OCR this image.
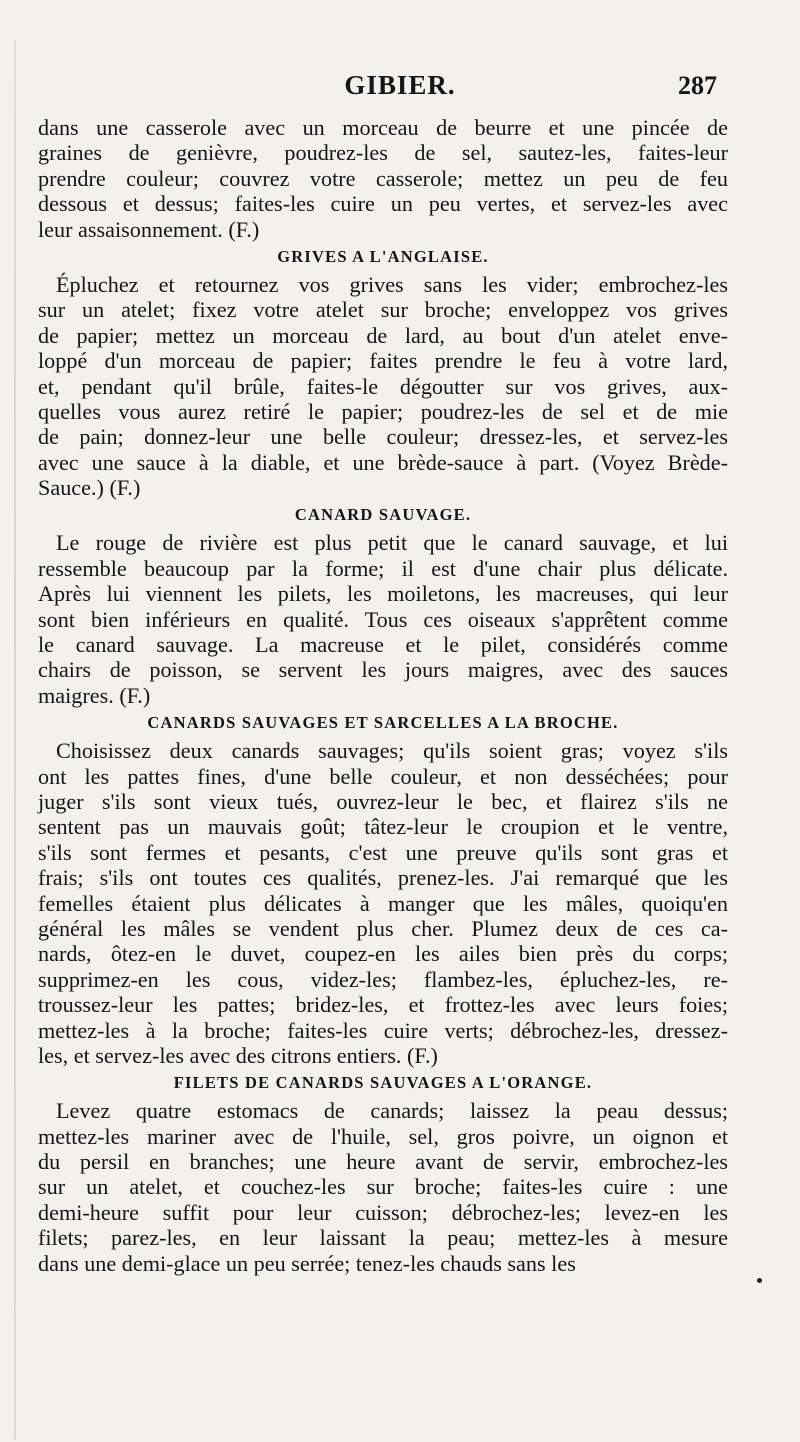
GIBIER.	287
dans une casserole avec un morceau de beurre et une pincée de
graines de genièvre, poudrez-les de sel, sautez-les, faites-leur
prendre couleur; couvrez votre casserole; mettez un peu de feu
dessous et dessus; faites-les cuire un peu vertes, et servez-les avec
leur assaisonnement. (F.)
GRIVES A L'ANGLAISE.
Épluchez et retournez vos grives sans les vider; embrochez-les
sur un atelet; fixez votre atelet sur broche; enveloppez vos grives
de papier; mettez un morceau de lard, au bout d'un atelet enve-
loppé d'un morceau de papier; faites prendre le feu à votre lard,
et, pendant qu'il brûle, faites-le dégoutter sur vos grives, aux-
quelles vous aurez retiré le papier; poudrez-les de sel et de mie
de pain; donnez-leur une belle couleur; dressez-les, et servez-les
avec une sauce à la diable, et une brède-sauce à part. (Voyez Brède-
Sauce.) (F.)
CANARD SAUVAGE.
Le rouge de rivière est plus petit que le canard sauvage, et lui
ressemble beaucoup par la forme; il est d'une chair plus délicate.
Après lui viennent les pilets, les moiletons, les macreuses, qui leur
sont bien inférieurs en qualité. Tous ces oiseaux s'apprêtent comme
le canard sauvage. La macreuse et le pilet, considérés comme
chairs de poisson, se servent les jours maigres, avec des sauces
maigres. (F.)
CANARDS SAUVAGES ET SARCELLES A LA BROCHE.
Choisissez deux canards sauvages; qu'ils soient gras; voyez s'ils
ont les pattes fines, d'une belle couleur, et non desséchées; pour
juger s'ils sont vieux tués, ouvrez-leur le bec, et flairez s'ils ne
sentent pas un mauvais goût; tâtez-leur le croupion et le ventre,
s'ils sont fermes et pesants, c'est une preuve qu'ils sont gras et
frais; s'ils ont toutes ces qualités, prenez-les. J'ai remarqué que les
femelles étaient plus délicates à manger que les mâles, quoiqu'en
général les mâles se vendent plus cher. Plumez deux de ces ca-
nards, ôtez-en le duvet, coupez-en les ailes bien près du corps;
supprimez-en les cous, videz-les; flambez-les, épluchez-les, re-
troussez-leur les pattes; bridez-les, et frottez-les avec leurs foies;
mettez-les à la broche; faites-les cuire verts; débrochez-les, dressez-
les, et servez-les avec des citrons entiers. (F.)
FILETS DE CANARDS SAUVAGES A L'ORANGE.
Levez quatre estomacs de canards; laissez la peau dessus;
mettez-les mariner avec de l'huile, sel, gros poivre, un oignon et
du persil en branches; une heure avant de servir, embrochez-les
sur un atelet, et couchez-les sur broche; faites-les cuire : une
demi-heure suffit pour leur cuisson; débrochez-les; levez-en les
filets; parez-les, en leur laissant la peau; mettez-les à mesure
dans une demi-glace un peu serrée; tenez-les chauds sans les
